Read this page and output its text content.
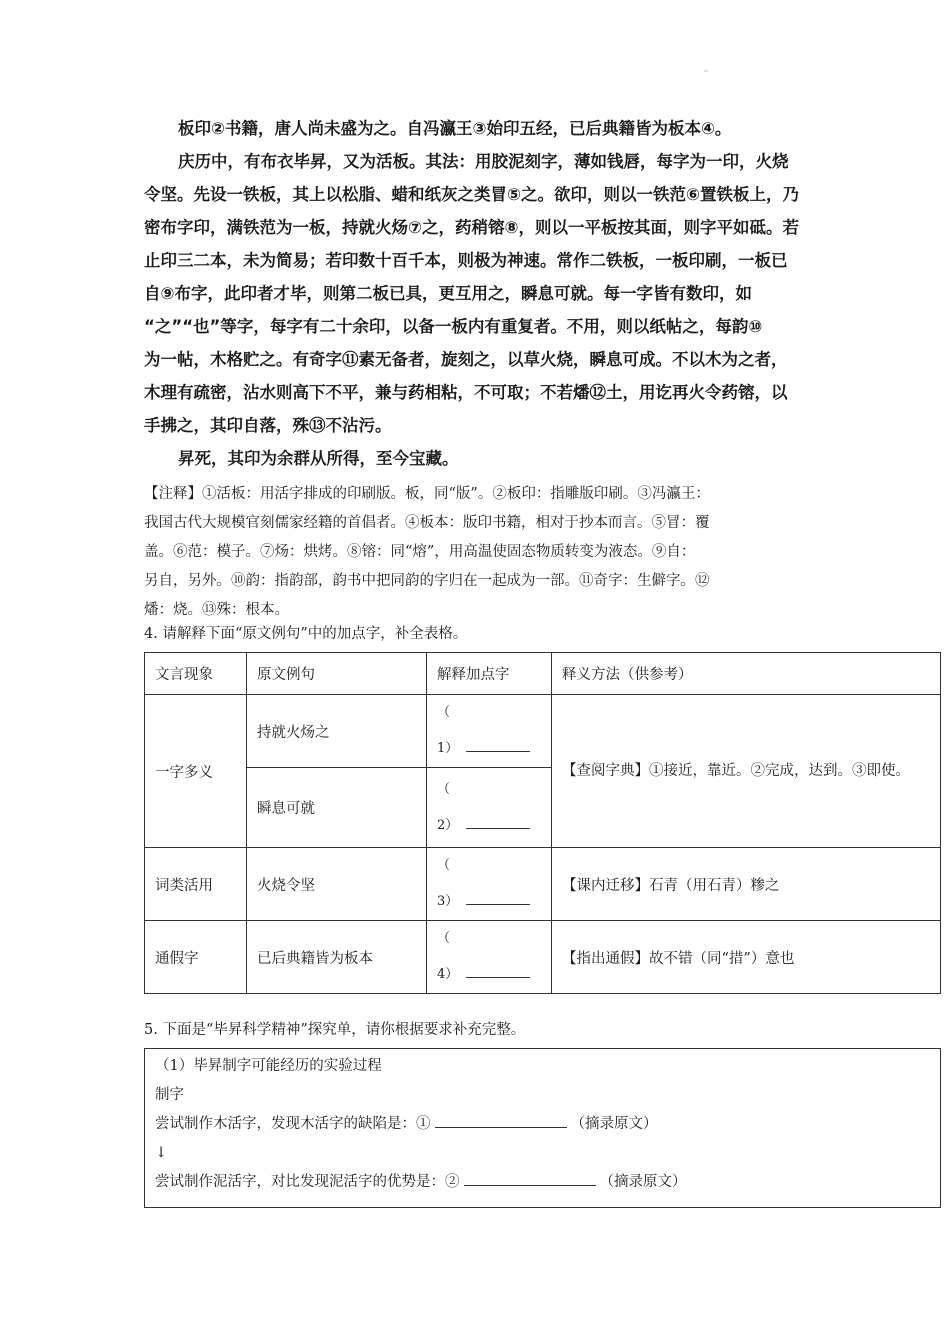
板印②书籍，唐人尚未盛为之。自冯瀛王③始印五经，已后典籍皆为板本④。

庆历中，有布衣毕昇，又为活板。其法：用胶泥刻字，薄如钱唇，每字为一印，火烧

令坚。先设一铁板，其上以松脂、蜡和纸灰之类冒⑤之。欲印，则以一铁范⑥置铁板上，乃

密布字印，满铁范为一板，持就火炀⑦之，药稍镕⑧，则以一平板按其面，则字平如砥。若

止印三二本，未为简易；若印数十百千本，则极为神速。常作二铁板，一板印刷，一板已

自⑨布字，此印者才毕，则第二板已具，更互用之，瞬息可就。每一字皆有数印，如

“之”“也”等字，每字有二十余印，以备一板内有重复者。不用，则以纸帖之，每韵⑩

为一帖，木格贮之。有奇字⑪素无备者，旋刻之，以草火烧，瞬息可成。不以木为之者，

木理有疏密，沾水则高下不平，兼与药相粘，不可取；不若燔⑫土，用讫再火令药镕，以

手拂之，其印自落，殊⑬不沾污。

昇死，其印为余群从所得，至今宝藏。

【注释】①活板：用活字排成的印刷版。板，同“版”。②板印：指雕版印刷。③冯瀛王：

我国古代大规模官刻儒家经籍的首倡者。④板本：版印书籍，相对于抄本而言。⑤冒：覆

盖。⑥范：模子。⑦炀：烘烤。⑧镕：同“熔”，用高温使固态物质转变为液态。⑨自：

另自，另外。⑩韵：指韵部，韵书中把同韵的字归在一起成为一部。⑪奇字：生僻字。⑫

燔：烧。⑬殊：根本。

4. 请解释下面“原文例句”中的加点字，补全表格。
文言现象	原文例句	解释加点字	释义方法（供参考）
一字多义	持就火炀之	（
1）	【查阅字典】①接近，靠近。②完成，达到。③即使。
	瞬息可就	（
2）	

词类活用	火烧令坚	（
3）	【课内迁移】石青（用石青）糁之
通假字	已后典籍皆为板本	（
4）	【指出通假】故不错（同“措”）意也
5. 下面是“毕昇科学精神”探究单，请你根据要求补充完整。

（1）毕昇制字可能经历的实验过程

制字

尝试制作木活字，发现木活字的缺陷是：①	（摘录原文）

↓

尝试制作泥活字，对比发现泥活字的优势是：②	（摘录原文）
